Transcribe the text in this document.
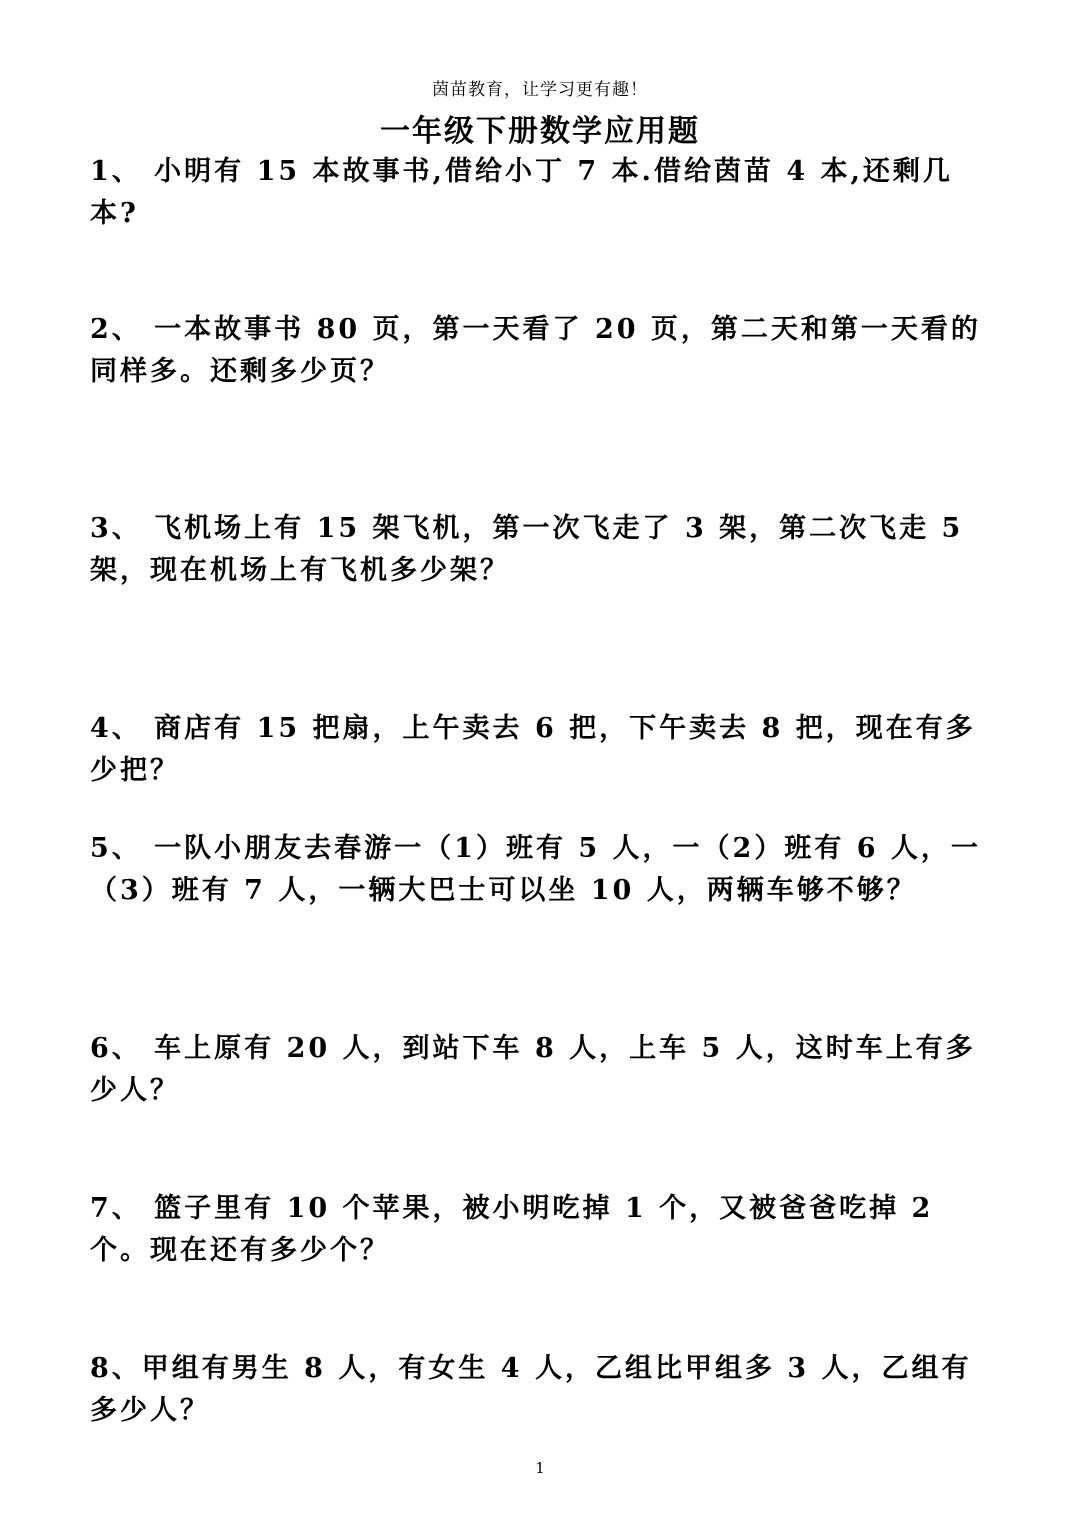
茵苗教育，让学习更有趣！
一年级下册数学应用题
1、 小明有 15 本故事书,借给小丁 7 本.借给茵苗 4 本,还剩几本?
2、 一本故事书 80 页，第一天看了 20 页，第二天和第一天看的同样多。还剩多少页？
3、 飞机场上有 15 架飞机，第一次飞走了 3 架，第二次飞走 5 架，现在机场上有飞机多少架？
4、 商店有 15 把扇，上午卖去 6 把，下午卖去 8 把，现在有多少把？
5、 一队小朋友去春游一（1）班有 5 人，一（2）班有 6 人，一（3）班有 7 人，一辆大巴士可以坐 10 人，两辆车够不够？
6、 车上原有 20 人，到站下车 8 人，上车 5 人，这时车上有多少人？
7、 篮子里有 10 个苹果，被小明吃掉 1 个，又被爸爸吃掉 2 个。现在还有多少个？
8、甲组有男生 8 人，有女生 4 人，乙组比甲组多 3 人，乙组有多少人？
1
